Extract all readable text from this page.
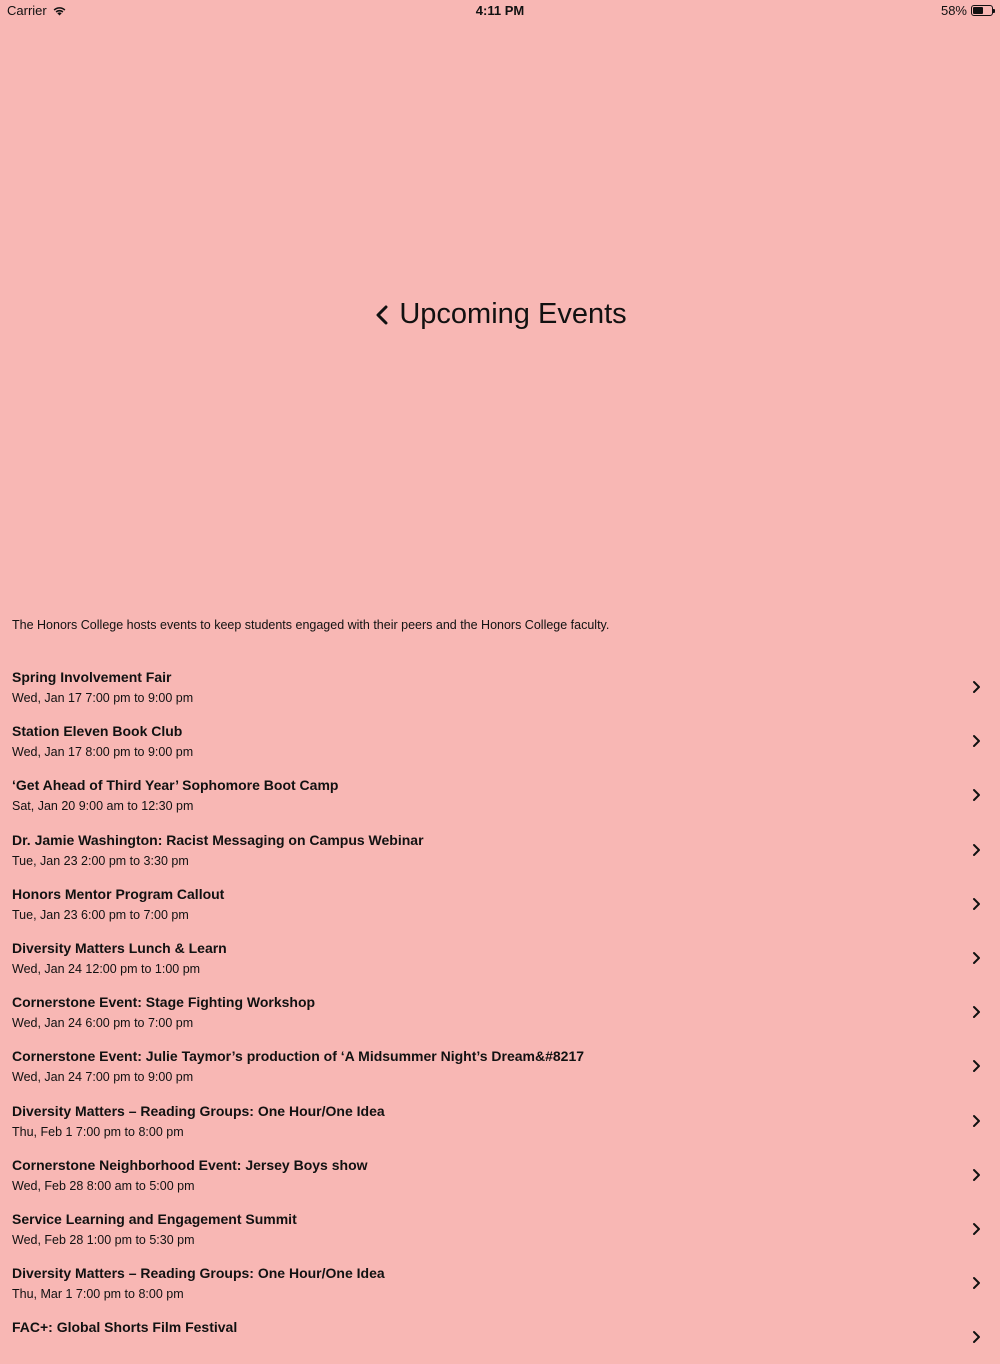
Carrier	4:11 PM	58%
Upcoming Events
The Honors College hosts events to keep students engaged with their peers and the Honors College faculty.
Spring Involvement Fair
Wed, Jan 17 7:00 pm to 9:00 pm
Station Eleven Book Club
Wed, Jan 17 8:00 pm to 9:00 pm
‘Get Ahead of Third Year’ Sophomore Boot Camp
Sat, Jan 20 9:00 am to 12:30 pm
Dr. Jamie Washington: Racist Messaging on Campus Webinar
Tue, Jan 23 2:00 pm to 3:30 pm
Honors Mentor Program Callout
Tue, Jan 23 6:00 pm to 7:00 pm
Diversity Matters Lunch & Learn
Wed, Jan 24 12:00 pm to 1:00 pm
Cornerstone Event: Stage Fighting Workshop
Wed, Jan 24 6:00 pm to 7:00 pm
Cornerstone Event: Julie Taymor’s production of ‘A Midsummer Night’s Dream&#8217
Wed, Jan 24 7:00 pm to 9:00 pm
Diversity Matters – Reading Groups: One Hour/One Idea
Thu, Feb 1 7:00 pm to 8:00 pm
Cornerstone Neighborhood Event: Jersey Boys show
Wed, Feb 28 8:00 am to 5:00 pm
Service Learning and Engagement Summit
Wed, Feb 28 1:00 pm to 5:30 pm
Diversity Matters – Reading Groups: One Hour/One Idea
Thu, Mar 1 7:00 pm to 8:00 pm
FAC+: Global Shorts Film Festival
